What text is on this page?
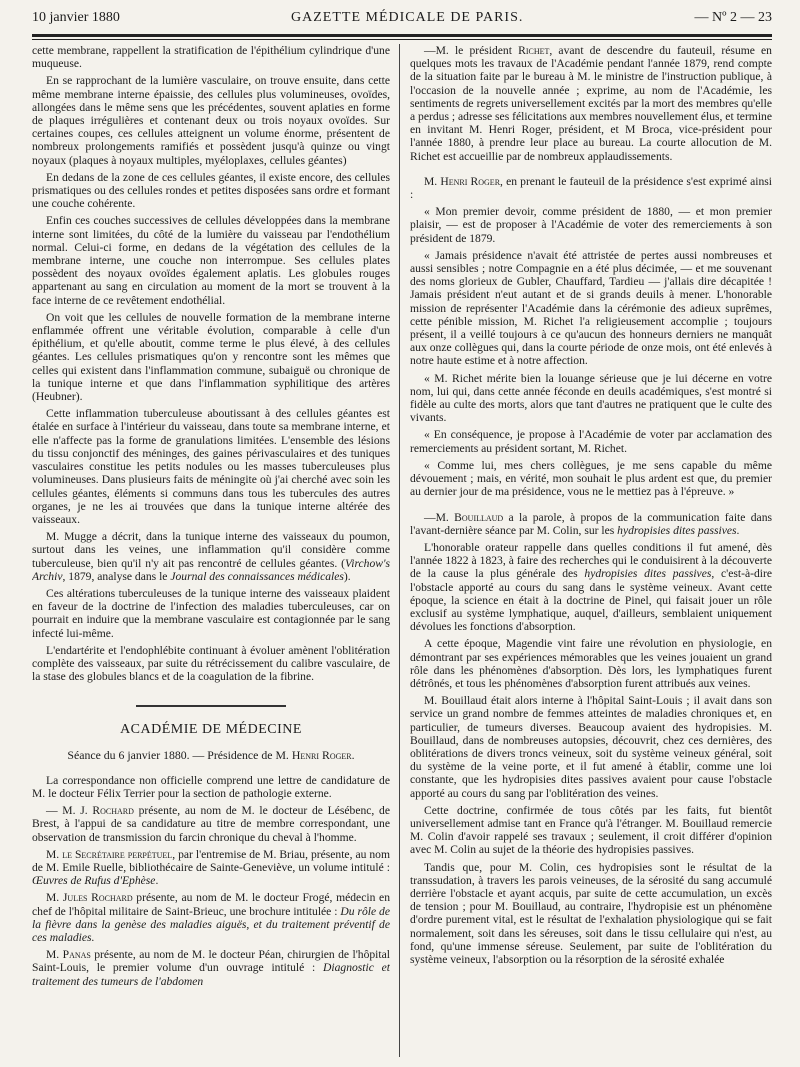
10 janvier 1880	GAZETTE MÉDICALE DE PARIS.	— Nº 2 — 23

cette membrane, rappellent la stratification de l'épithélium cylindrique d'une muqueuse.

En se rapprochant de la lumière vasculaire, on trouve ensuite, dans cette même membrane interne épaissie, des cellules plus volumineuses, ovoïdes, allongées dans le même sens que les précédentes, souvent aplaties en forme de plaques irrégulières et contenant deux ou trois noyaux ovoïdes. Sur certaines coupes, ces cellules atteignent un volume énorme, présentent de nombreux prolongements ramifiés et possèdent jusqu'à quinze ou vingt noyaux (plaques à noyaux multiples, myéloplaxes, cellules géantes)

En dedans de la zone de ces cellules géantes, il existe encore, des cellules prismatiques ou des cellules rondes et petites disposées sans ordre et formant une couche cohérente.

Enfin ces couches successives de cellules développées dans la membrane interne sont limitées, du côté de la lumière du vaisseau par l'endothélium normal. Celui-ci forme, en dedans de la végétation des cellules de la membrane interne, une couche non interrompue. Ses cellules plates possèdent des noyaux ovoïdes également aplatis. Les globules rouges appartenant au sang en circulation au moment de la mort se trouvent à la face interne de ce revêtement endothélial.

On voit que les cellules de nouvelle formation de la membrane interne enflammée offrent une véritable évolution, comparable à celle d'un épithélium, et qu'elle aboutit, comme terme le plus élevé, à des cellules géantes. Les cellules prismatiques qu'on y rencontre sont les mêmes que celles qui existent dans l'inflammation commune, subaiguë ou chronique de la tunique interne et que dans l'inflammation syphilitique des artères (Heubner).

Cette inflammation tuberculeuse aboutissant à des cellules géantes est étalée en surface à l'intérieur du vaisseau, dans toute sa membrane interne, et elle n'affecte pas la forme de granulations limitées. L'ensemble des lésions du tissu conjonctif des méninges, des gaines périvasculaires et des tuniques vasculaires constitue les petits nodules ou les masses tuberculeuses plus volumineuses. Dans plusieurs faits de méningite où j'ai cherché avec soin les cellules géantes, éléments si communs dans tous les tubercules des autres organes, je ne les ai trouvées que dans la tunique interne altérée des vaisseaux.

M. Mugge a décrit, dans la tunique interne des vaisseaux du poumon, surtout dans les veines, une inflammation qu'il considère comme tuberculeuse, bien qu'il n'y ait pas rencontré de cellules géantes. (Virchow's Archiv, 1879, analyse dans le Journal des connaissances médicales).

Ces altérations tuberculeuses de la tunique interne des vaisseaux plaident en faveur de la doctrine de l'infection des maladies tuberculeuses, car on pourrait en induire que la membrane vasculaire est contagionnée par le sang infecté lui-même.

L'endartérite et l'endophlébite continuant à évoluer amènent l'oblitération complète des vaisseaux, par suite du rétrécissement du calibre vasculaire, de la stase des globules blancs et de la coagulation de la fibrine.

ACADÉMIE DE MÉDECINE
Séance du 6 janvier 1880. — Présidence de M. Henri Roger.

La correspondance non officielle comprend une lettre de candidature de M. le docteur Félix Terrier pour la section de pathologie externe.

— M. J. Rochard présente, au nom de M. le docteur de Lésébenc, de Brest, à l'appui de sa candidature au titre de membre correspondant, une observation de transmission du farcin chronique du cheval à l'homme.

M. le Secrétaire perpétuel, par l'entremise de M. Briau, présente, au nom de M. Emile Ruelle, bibliothécaire de Sainte-Geneviève, un volume intitulé : Œuvres de Rufus d'Ephèse.

M. Jules Rochard présente, au nom de M. le docteur Frogé, médecin en chef de l'hôpital militaire de Saint-Brieuc, une brochure intitulée : Du rôle de la fièvre dans la genèse des maladies aiguës, et du traitement préventif de ces maladies.

M. Panas présente, au nom de M. le docteur Péan, chirurgien de l'hôpital Saint-Louis, le premier volume d'un ouvrage intitulé : Diagnostic et traitement des tumeurs de l'abdomen

—M. le président Richet, avant de descendre du fauteuil, résume en quelques mots les travaux de l'Académie pendant l'année 1879, rend compte de la situation faite par le bureau à M. le ministre de l'instruction publique, à l'occasion de la nouvelle année ; exprime, au nom de l'Académie, les sentiments de regrets universellement excités par la mort des membres qu'elle a perdus ; adresse ses félicitations aux membres nouvellement élus, et termine en invitant M. Henri Roger, président, et M Broca, vice-président pour l'année 1880, à prendre leur place au bureau. La courte allocution de M. Richet est accueillie par de nombreux applaudissements.

M. Henri Roger, en prenant le fauteuil de la présidence s'est exprimé ainsi :

« Mon premier devoir, comme président de 1880, — et mon premier plaisir, — est de proposer à l'Académie de voter des remerciements à son président de 1879.

« Jamais présidence n'avait été attristée de pertes aussi nombreuses et aussi sensibles ; notre Compagnie en a été plus décimée, — et me souvenant des noms glorieux de Gubler, Chauffard, Tardieu — j'allais dire décapitée ! Jamais président n'eut autant et de si grands deuils à mener. L'honorable mission de représenter l'Académie dans la cérémonie des adieux suprêmes, cette pénible mission, M. Richet l'a religieusement accomplie ; toujours présent, il a veillé toujours à ce qu'aucun des honneurs derniers ne manquât aux onze collègues qui, dans la courte période de onze mois, ont été enlevés à notre haute estime et à notre affection.

« M. Richet mérite bien la louange sérieuse que je lui décerne en votre nom, lui qui, dans cette année féconde en deuils académiques, s'est montré si fidèle au culte des morts, alors que tant d'autres ne pratiquent que le culte des vivants.

« En conséquence, je propose à l'Académie de voter par acclamation des remerciements au président sortant, M. Richet.

« Comme lui, mes chers collègues, je me sens capable du même dévouement ; mais, en vérité, mon souhait le plus ardent est que, du premier au dernier jour de ma présidence, vous ne le mettiez pas à l'épreuve. »

—M. Bouillaud a la parole, à propos de la communication faite dans l'avant-dernière séance par M. Colin, sur les hydropisies dites passives.

L'honorable orateur rappelle dans quelles conditions il fut amené, dès l'année 1822 à 1823, à faire des recherches qui le conduisirent à la découverte de la cause la plus générale des hydropisies dites passives, c'est-à-dire l'obstacle apporté au cours du sang dans le système veineux. Avant cette époque, la science en était à la doctrine de Pinel, qui faisait jouer un rôle exclusif au système lymphatique, auquel, d'ailleurs, semblaient uniquement dévolues les fonctions d'absorption.

A cette époque, Magendie vint faire une révolution en physiologie, en démontrant par ses expériences mémorables que les veines jouaient un grand rôle dans les phénomènes d'absorption. Dès lors, les lymphatiques furent détrônés, et tous les phénomènes d'absorption furent attribués aux veines.

M. Bouillaud était alors interne à l'hôpital Saint-Louis ; il avait dans son service un grand nombre de femmes atteintes de maladies chroniques et, en particulier, de tumeurs diverses. Beaucoup avaient des hydropisies. M. Bouillaud, dans de nombreuses autopsies, découvrit, chez ces dernières, des oblitérations de divers troncs veineux, soit du système veineux général, soit du système de la veine porte, et il fut amené à établir, comme une loi constante, que les hydropisies dites passives avaient pour cause l'obstacle apporté au cours du sang par l'oblitération des veines.

Cette doctrine, confirmée de tous côtés par les faits, fut bientôt universellement admise tant en France qu'à l'étranger. M. Bouillaud remercie M. Colin d'avoir rappelé ses travaux ; seulement, il croit différer d'opinion avec M. Colin au sujet de la théorie des hydropisies passives.

Tandis que, pour M. Colin, ces hydropisies sont le résultat de la transsudation, à travers les parois veineuses, de la sérosité du sang accumulé derrière l'obstacle et ayant acquis, par suite de cette accumulation, un excès de tension ; pour M. Bouillaud, au contraire, l'hydropisie est un phénomène d'ordre purement vital, est le résultat de l'exhalation physiologique qui se fait normalement, soit dans les séreuses, soit dans le tissu cellulaire qui n'est, au fond, qu'une immense séreuse. Seulement, par suite de l'oblitération du système veineux, l'absorption ou la résorption de la sérosité exhalée
